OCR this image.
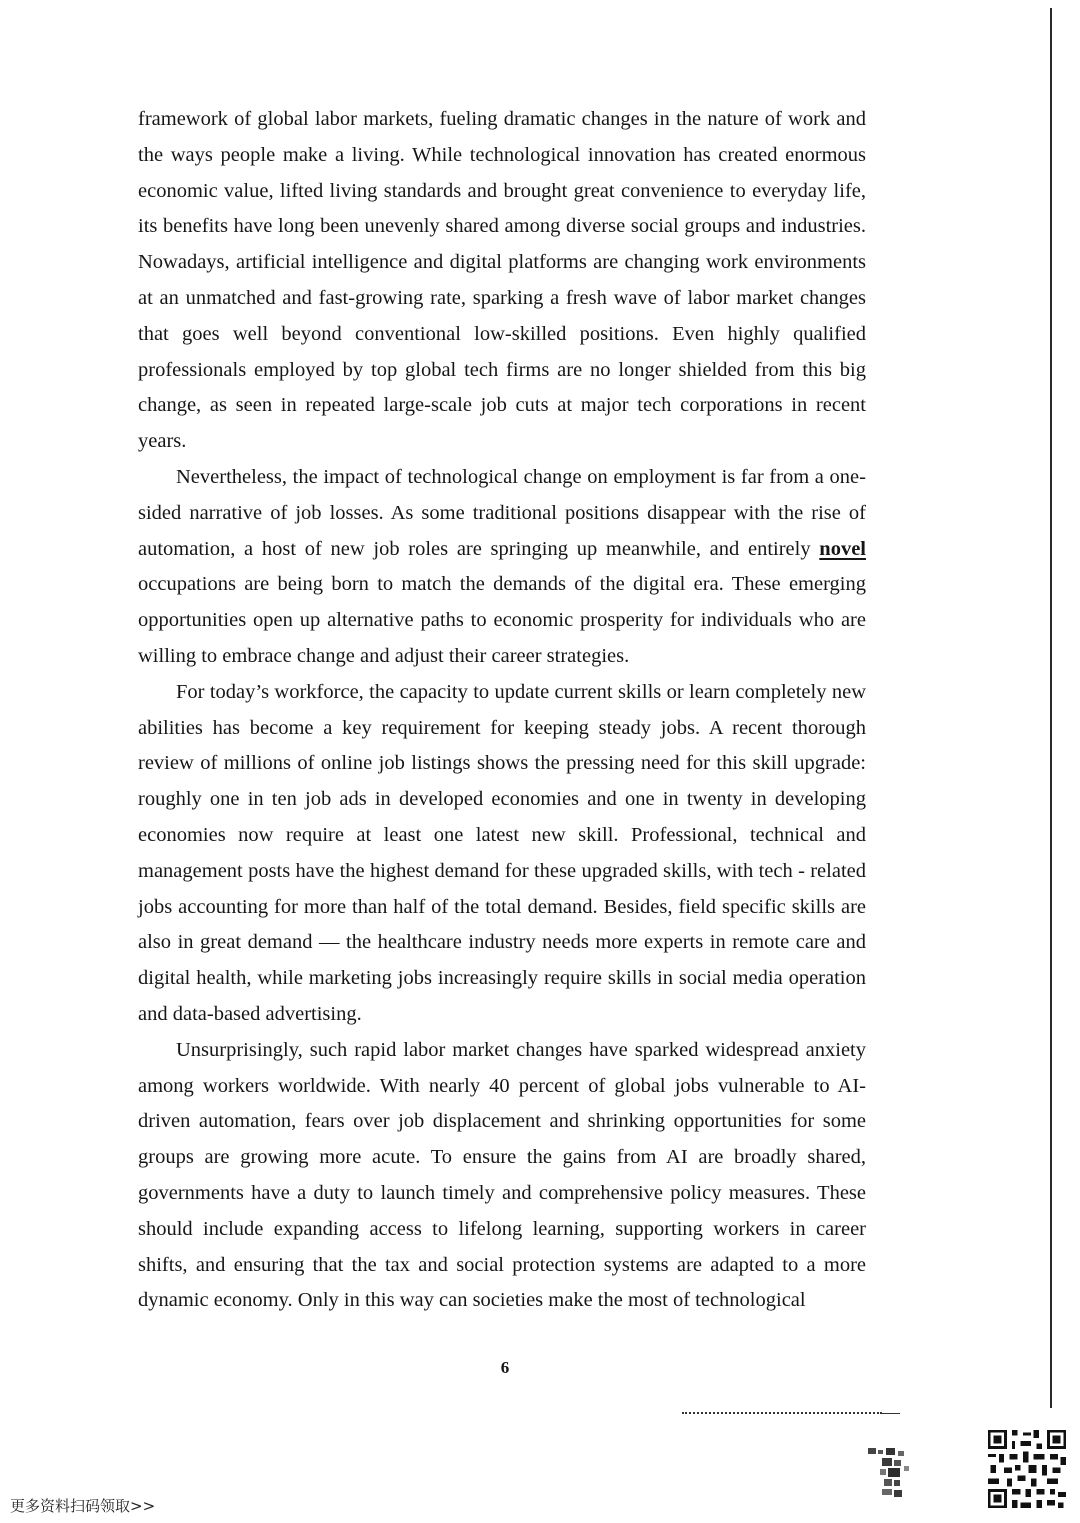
framework of global labor markets, fueling dramatic changes in the nature of work and the ways people make a living. While technological innovation has created enormous economic value, lifted living standards and brought great convenience to everyday life, its benefits have long been unevenly shared among diverse social groups and industries. Nowadays, artificial intelligence and digital platforms are changing work environments at an unmatched and fast-growing rate, sparking a fresh wave of labor market changes that goes well beyond conventional low-skilled positions. Even highly qualified professionals employed by top global tech firms are no longer shielded from this big change, as seen in repeated large-scale job cuts at major tech corporations in recent years.

Nevertheless, the impact of technological change on employment is far from a one-sided narrative of job losses. As some traditional positions disappear with the rise of automation, a host of new job roles are springing up meanwhile, and entirely novel occupations are being born to match the demands of the digital era. These emerging opportunities open up alternative paths to economic prosperity for individuals who are willing to embrace change and adjust their career strategies.

For today’s workforce, the capacity to update current skills or learn completely new abilities has become a key requirement for keeping steady jobs. A recent thorough review of millions of online job listings shows the pressing need for this skill upgrade: roughly one in ten job ads in developed economies and one in twenty in developing economies now require at least one latest new skill. Professional, technical and management posts have the highest demand for these upgraded skills, with tech - related jobs accounting for more than half of the total demand. Besides, field specific skills are also in great demand — the healthcare industry needs more experts in remote care and digital health, while marketing jobs increasingly require skills in social media operation and data-based advertising.

Unsurprisingly, such rapid labor market changes have sparked widespread anxiety among workers worldwide. With nearly 40 percent of global jobs vulnerable to AI-driven automation, fears over job displacement and shrinking opportunities for some groups are growing more acute. To ensure the gains from AI are broadly shared, governments have a duty to launch timely and comprehensive policy measures. These should include expanding access to lifelong learning, supporting workers in career shifts, and ensuring that the tax and social protection systems are adapted to a more dynamic economy. Only in this way can societies make the most of technological

6
更多资料扫码领取>>
